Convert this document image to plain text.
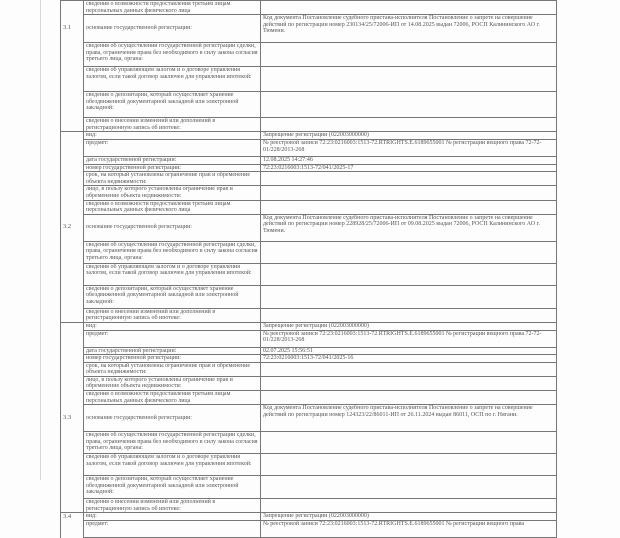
	сведения о возможности предоставления третьим лицам персональных данных физического лица	
3.1	основание государственной регистрации:	Код документа Постановление судебного пристава-исполнителя Постановление о запрете на совершение действий по регистрации номер 230134/25/72006-ИП от 14.08.2025 выдан 72006, РОСП Калининского АО г. Тюмени.
	сведения об осуществлении государственной регистрации сделки, права, ограничения права без необходимого в силу закона согласия третьего лица, органа:	
	сведения об управляющем залогом и о договоре управления залогом, если такой договор заключен для управления ипотекой:	
	сведения о депозитарии, который осуществляет хранение обездвиженной документарной закладной или электронной закладной:	
	сведения о внесении изменений или дополнений в регистрационную запись об ипотеке:	
	вид:	Запрещение регистрации (022003000000)
	предмет:	№ реестровой записи 72:23:0216003:1513-72.RTRIGHTS.E.6189655001 № регистрации вещного права 72-72-01/228/2013-268
	дата государственной регистрации:	12.08.2025 14:27:46
	номер государственной регистрации:	72:23:0216003:1513-72/041/2025-17
	срок, на который установлены ограничение прав и обременение объекта недвижимости:	
	лицо, в пользу которого установлены ограничение прав и обременение объекта недвижимости:	
	сведения о возможности предоставления третьим лицам персональных данных физического лица	
3.2	основание государственной регистрации:	Код документа Постановление судебного пристава-исполнителя Постановление о запрете на совершение действий по регистрации номер 228928/25/72006-ИП от 09.08.2025 выдан 72006, РОСП Калининского АО г. Тюмени.
	сведения об осуществлении государственной регистрации сделки, права, ограничения права без необходимого в силу закона согласия третьего лица, органа:	
	сведения об управляющем залогом и о договоре управления залогом, если такой договор заключен для управления ипотекой:	
	сведения о депозитарии, который осуществляет хранение обездвиженной документарной закладной или электронной закладной:	
	сведения о внесении изменений или дополнений в регистрационную запись об ипотеке:	
	вид:	Запрещение регистрации (022003000000)
	предмет:	№ реестровой записи 72:23:0216003:1513-72.RTRIGHTS.E.6189655001 № регистрации вещного права 72-72-01/228/2013-268
	дата государственной регистрации:	02.07.2025 15:56:51
	номер государственной регистрации:	72:23:0216003:1513-72/041/2025-16
	срок, на который установлены ограничение прав и обременение объекта недвижимости:	
	лицо, в пользу которого установлены ограничение прав и обременение объекта недвижимости:	
	сведения о возможности предоставления третьим лицам персональных данных физического лица	
3.3	основание государственной регистрации:	Код документа Постановление судебного пристава-исполнителя Постановление о запрете на совершение действий по регистрации номер 124323/22/86011-ИП от 26.11.2024 выдан 86011, ОСП по г. Нягани.
	сведения об осуществлении государственной регистрации сделки, права, ограничения права без необходимого в силу закона согласия третьего лица, органа:	
	сведения об управляющем залогом и о договоре управления залогом, если такой договор заключен для управления ипотекой:	
	сведения о депозитарии, который осуществляет хранение обездвиженной документарной закладной или электронной закладной:	
	сведения о внесении изменений или дополнений в регистрационную запись об ипотеке:	
3.4	вид:	Запрещение регистрации (022003000000)
	предмет:	№ реестровой записи 72:23:0216003:1513-72.RTRIGHTS.E.6189655001 № регистрации вещного права
